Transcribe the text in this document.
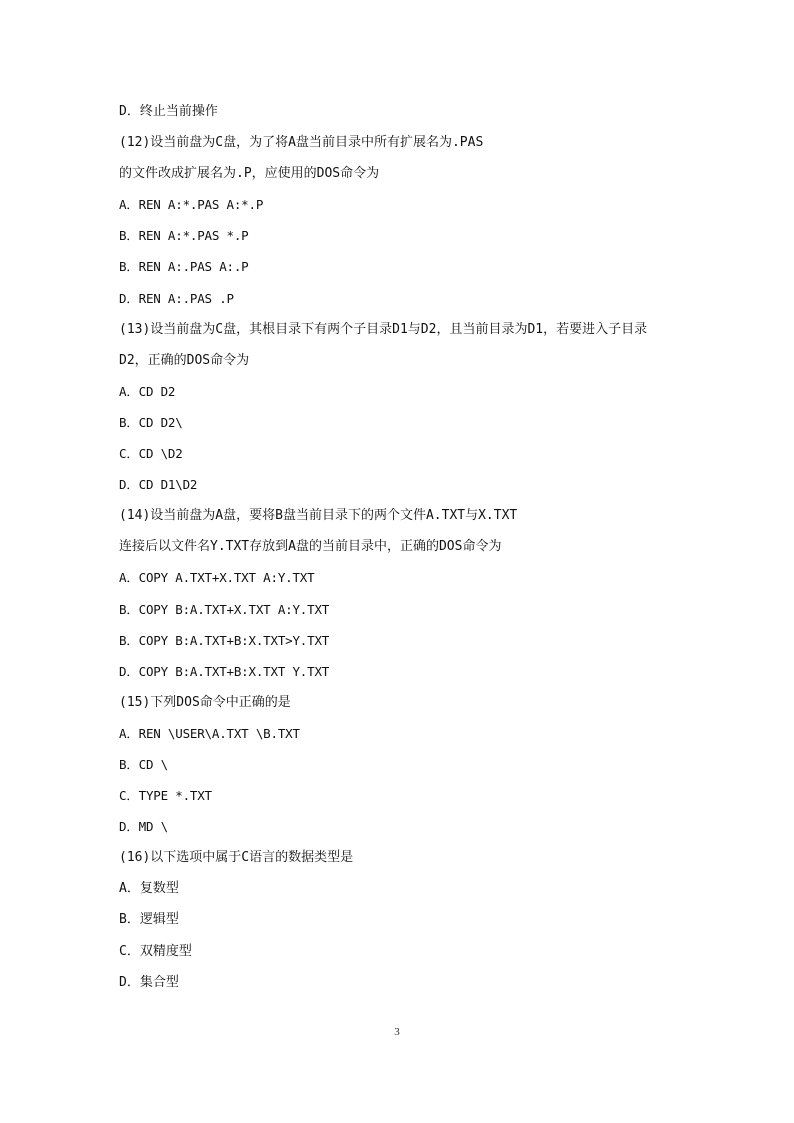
D．终止当前操作
(12)设当前盘为C盘，为了将A盘当前目录中所有扩展名为.PAS
的文件改成扩展名为.P，应使用的DOS命令为
A．REN A:*.PAS A:*.P
B．REN A:*.PAS *.P
B．REN A:.PAS A:.P
D．REN A:.PAS .P
(13)设当前盘为C盘，其根目录下有两个子目录D1与D2，且当前目录为D1，若要进入子目录
D2，正确的DOS命令为
A．CD D2
B．CD D2\
C．CD \D2
D．CD D1\D2
(14)设当前盘为A盘，要将B盘当前目录下的两个文件A.TXT与X.TXT
连接后以文件名Y.TXT存放到A盘的当前目录中，正确的DOS命令为
A．COPY A.TXT+X.TXT A:Y.TXT
B．COPY B:A.TXT+X.TXT A:Y.TXT
B．COPY B:A.TXT+B:X.TXT>Y.TXT
D．COPY B:A.TXT+B:X.TXT Y.TXT
(15)下列DOS命令中正确的是
A．REN \USER\A.TXT \B.TXT
B．CD \
C．TYPE *.TXT
D．MD \
(16)以下选项中属于C语言的数据类型是
A．复数型
B．逻辑型
C．双精度型
D．集合型
3
